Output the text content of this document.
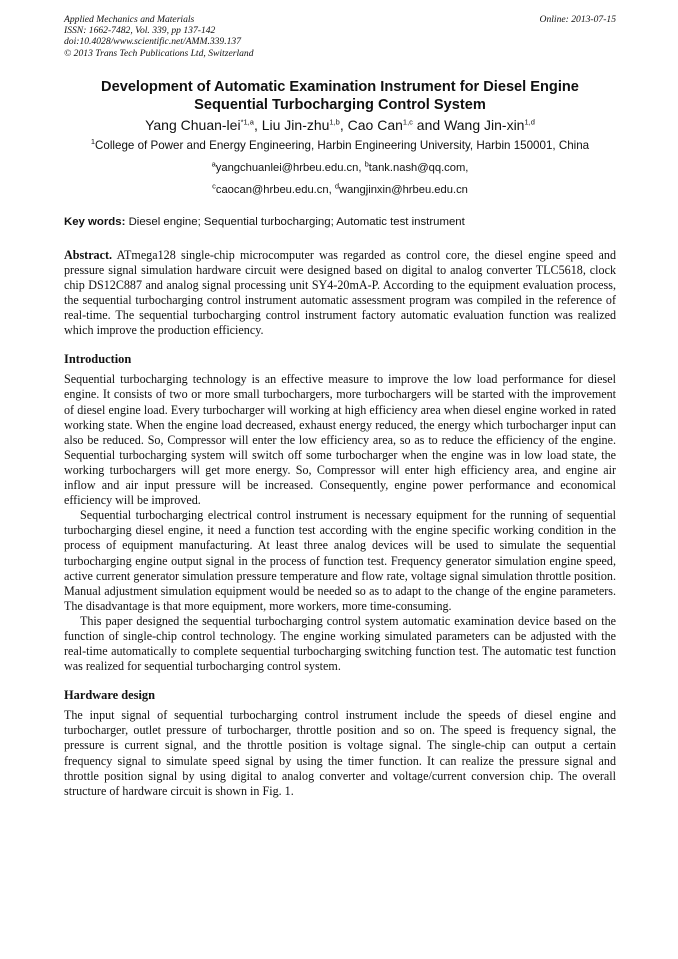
Applied Mechanics and Materials
ISSN: 1662-7482, Vol. 339, pp 137-142
doi:10.4028/www.scientific.net/AMM.339.137
© 2013 Trans Tech Publications Ltd, Switzerland
Online: 2013-07-15
Development of Automatic Examination Instrument for Diesel Engine
Sequential Turbocharging Control System
Yang Chuan-lei$^{*1,a}$, Liu Jin-zhu$^{1,b}$, Cao Can$^{1,c}$ and Wang Jin-xin$^{1,d}$
$^1$College of Power and Energy Engineering, Harbin Engineering University, Harbin 150001, China
$^a$yangchuanlei@hrbeu.edu.cn, $^b$tank.nash@qq.com,
$^c$caocan@hrbeu.edu.cn, $^d$wangjinxin@hrbeu.edu.cn
Key words: Diesel engine; Sequential turbocharging; Automatic test instrument

Abstract. ATmega128 single-chip microcomputer was regarded as control core, the diesel engine speed and pressure signal simulation hardware circuit were designed based on digital to analog converter TLC5618, clock chip DS12C887 and analog signal processing unit SY4-20mA-P. According to the equipment evaluation process, the sequential turbocharging control instrument automatic assessment program was compiled in the reference of real-time. The sequential turbocharging control instrument factory automatic evaluation function was realized which improve the production efficiency.

Introduction

Sequential turbocharging technology is an effective measure to improve the low load performance for diesel engine. It consists of two or more small turbochargers, more turbochargers will be started with the improvement of diesel engine load. Every turbocharger will working at high efficiency area when diesel engine worked in rated working state. When the engine load decreased, exhaust energy reduced, the energy which turbocharger input can also be reduced. So, Compressor will enter the low efficiency area, so as to reduce the efficiency of the engine. Sequential turbocharging system will switch off some turbocharger when the engine was in low load state, the working turbochargers will get more energy. So, Compressor will enter high efficiency area, and engine air inflow and air input pressure will be increased. Consequently, engine power performance and economical efficiency will be improved.

Sequential turbocharging electrical control instrument is necessary equipment for the running of sequential turbocharging diesel engine, it need a function test according with the engine specific working condition in the process of equipment manufacturing. At least three analog devices will be used to simulate the sequential turbocharging engine output signal in the process of function test. Frequency generator simulation engine speed, active current generator simulation pressure temperature and flow rate, voltage signal simulation throttle position. Manual adjustment simulation equipment would be needed so as to adapt to the change of the engine parameters. The disadvantage is that more equipment, more workers, more time-consuming.

This paper designed the sequential turbocharging control system automatic examination device based on the function of single-chip control technology. The engine working simulated parameters can be adjusted with the real-time automatically to complete sequential turbocharging switching function test. The automatic test function was realized for sequential turbocharging control system.

Hardware design

The input signal of sequential turbocharging control instrument include the speeds of diesel engine and turbocharger, outlet pressure of turbocharger, throttle position and so on. The speed is frequency signal, the pressure is current signal, and the throttle position is voltage signal. The single-chip can output a certain frequency signal to simulate speed signal by using the timer function. It can realize the pressure signal and throttle position signal by using digital to analog converter and voltage/current conversion chip. The overall structure of hardware circuit is shown in Fig. 1.
